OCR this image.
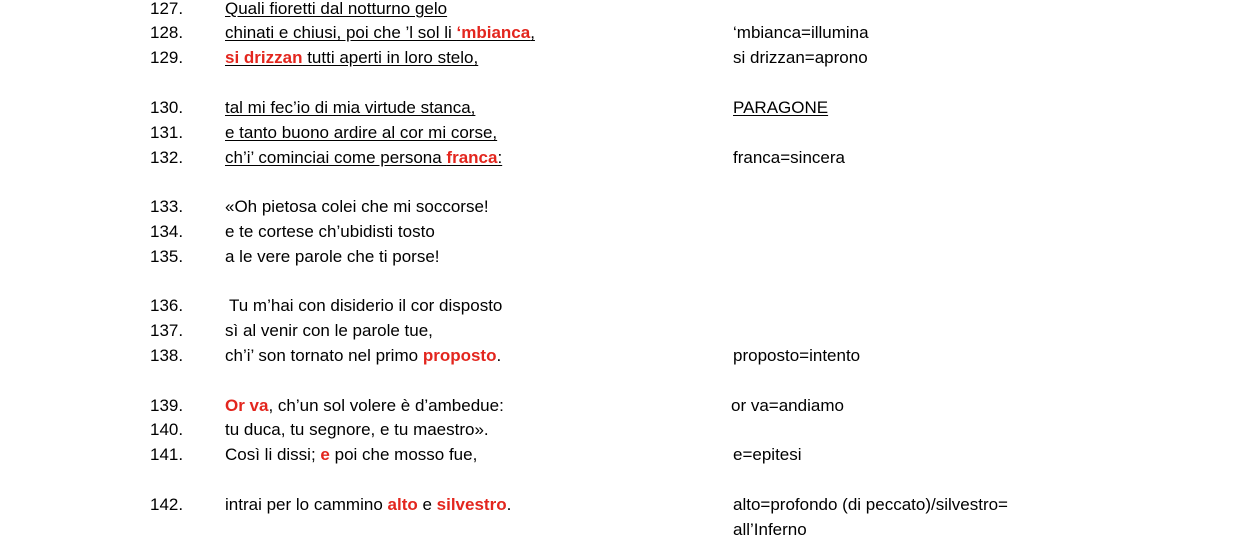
127. Quali fioretti dal notturno gelo
128. chinati e chiusi, poi che ’l sol li ‘mbianca,	‘mbianca=illumina
129. si drizzan tutti aperti in loro stelo,	si drizzan=aprono
130. tal mi fec’io di mia virtude stanca,	PARAGONE
131. e tanto buono ardire al cor mi corse,
132. ch’i’ cominciai come persona franca:	franca=sincera
133. «Oh pietosa colei che mi soccorse!
134. e te cortese ch’ubidisti tosto
135. a le vere parole che ti porse!
136.	Tu m’hai con disiderio il cor disposto
137. sì al venir con le parole tue,
138. ch’i’ son tornato nel primo proposto.	proposto=intento
139. Or va, ch’un sol volere è d’ambedue:	or va=andiamo
140. tu duca, tu segnore, e tu maestro».
141. Così li dissi; e poi che mosso fue,	e=epitesi
142. intrai per lo cammino alto e silvestro.	alto=profondo (di peccato)/silvestro=
all’Inferno
